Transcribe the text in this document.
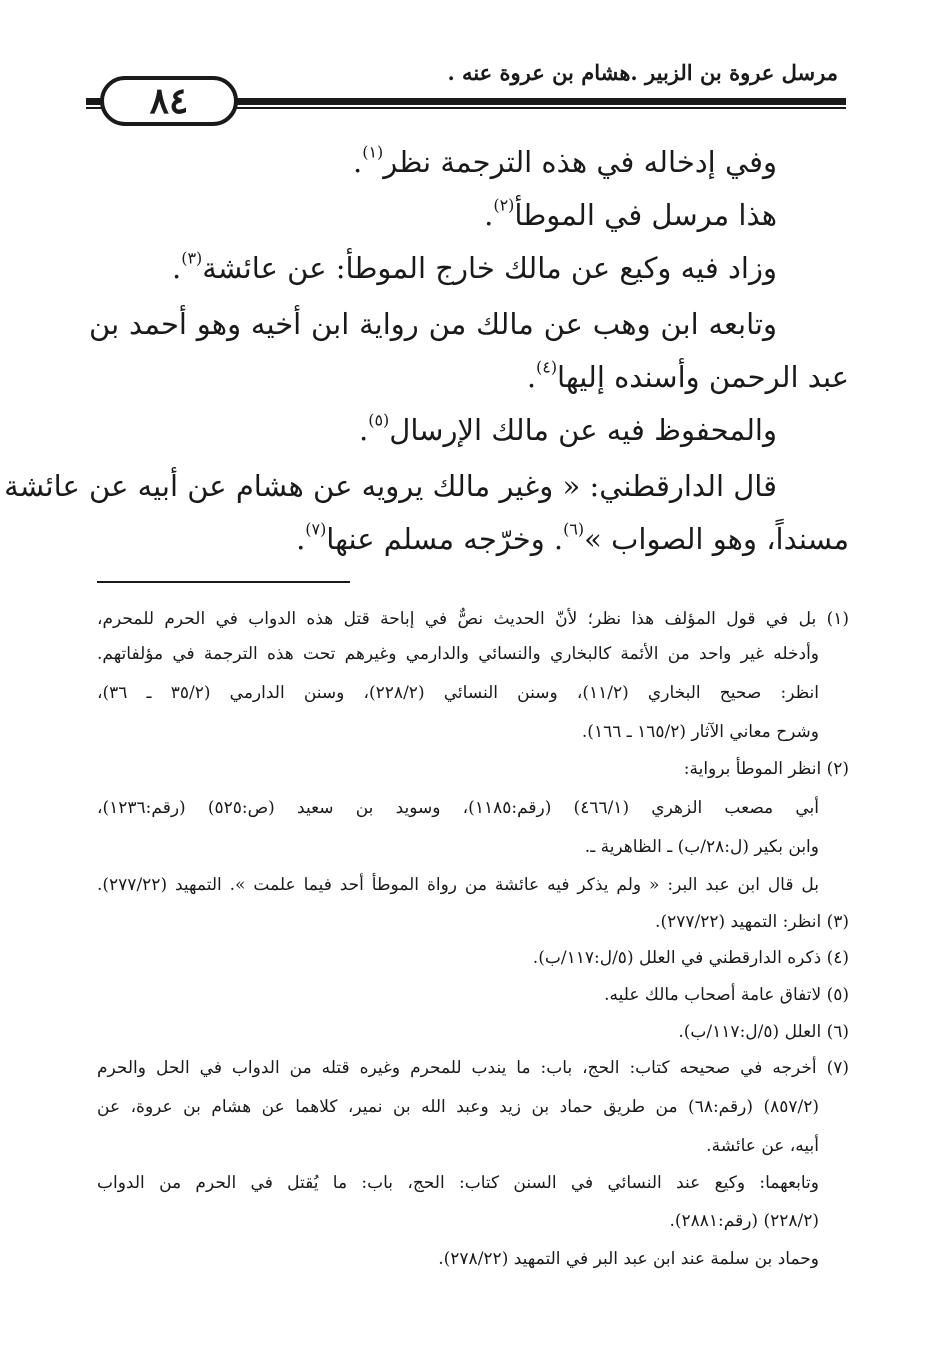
مرسل عروة بن الزبير .هشام بن عروة عنه .
٨٤
وفي إدخاله في هذه الترجمة نظر$^{(١)}$.
هذا مرسل في الموطأ$^{(٢)}$.
وزاد فيه وكيع عن مالك خارج الموطأ: عن عائشة$^{(٣)}$.
وتابعه ابن وهب عن مالك من رواية ابن أخيه وهو أحمد بن
عبد الرحمن وأسنده إليها$^{(٤)}$.
والمحفوظ فيه عن مالك الإرسال$^{(٥)}$.
قال الدارقطني: « وغير مالك يرويه عن هشام عن أبيه عن عائشة
مسنداً، وهو الصواب »$^{(٦)}$. وخرّجه مسلم عنها$^{(٧)}$.
(١) بل في قول المؤلف هذا نظر؛ لأنّ الحديث نصٌّ في إباحة قتل هذه الدواب في الحرم للمحرم،
وأدخله غير واحد من الأئمة كالبخاري والنسائي والدارمي وغيرهم تحت هذه الترجمة في مؤلفاتهم.
انظر: صحيح البخاري (١١/٢)، وسنن النسائي (٢٢٨/٢)، وسنن الدارمي (٣٥/٢ ـ ٣٦)،
وشرح معاني الآثار (١٦٥/٢ ـ ١٦٦).
(٢) انظر الموطأ برواية:
أبي مصعب الزهري (٤٦٦/١) (رقم:١١٨٥)، وسويد بن سعيد (ص:٥٢٥) (رقم:١٢٣٦)،
وابن بكير (ل:٢٨/ب) ـ الظاهرية ـ.
بل قال ابن عبد البر: « ولم يذكر فيه عائشة من رواة الموطأ أحد فيما علمت ». التمهيد (٢٧٧/٢٢).
(٣) انظر: التمهيد (٢٧٧/٢٢).
(٤) ذكره الدارقطني في العلل (٥/ل:١١٧/ب).
(٥) لاتفاق عامة أصحاب مالك عليه.
(٦) العلل (٥/ل:١١٧/ب).
(٧) أخرجه في صحيحه كتاب: الحج، باب: ما يندب للمحرم وغيره قتله من الدواب في الحل والحرم
(٨٥٧/٢) (رقم:٦٨) من طريق حماد بن زيد وعبد الله بن نمير، كلاهما عن هشام بن عروة، عن
أبيه، عن عائشة.
وتابعهما: وكيع عند النسائي في السنن كتاب: الحج، باب: ما يُقتل في الحرم من الدواب
(٢٢٨/٢) (رقم:٢٨٨١).
وحماد بن سلمة عند ابن عبد البر في التمهيد (٢٧٨/٢٢).
